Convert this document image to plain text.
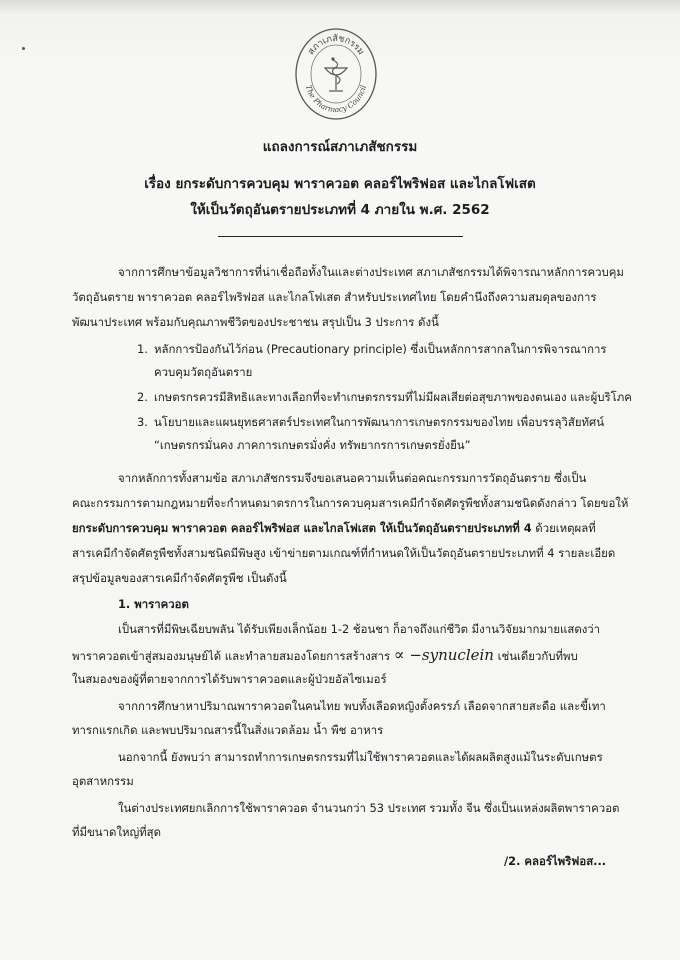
สภาเภสัชกรรม
The Pharmacy Council
แถลงการณ์สภาเภสัชกรรม
เรื่อง ยกระดับการควบคุม พาราควอต คลอร์ไพริฟอส และไกลโฟเสต
ให้เป็นวัตถุอันตรายประเภทที่ 4 ภายใน พ.ศ. 2562

จากการศึกษาข้อมูลวิชาการที่น่าเชื่อถือทั้งในและต่างประเทศ สภาเภสัชกรรมได้พิจารณาหลักการควบคุม

วัตถุอันตราย พาราควอต คลอร์ไพริฟอส และไกลโฟเสต สำหรับประเทศไทย โดยคำนึงถึงความสมดุลของการ

พัฒนาประเทศ พร้อมกับคุณภาพชีวิตของประชาชน สรุปเป็น 3 ประการ ดังนี้

1. หลักการป้องกันไว้ก่อน (Precautionary principle) ซึ่งเป็นหลักการสากลในการพิจารณาการ

ควบคุมวัตถุอันตราย

2. เกษตรกรควรมีสิทธิและทางเลือกที่จะทำเกษตรกรรมที่ไม่มีผลเสียต่อสุขภาพของตนเอง และผู้บริโภค

3. นโยบายและแผนยุทธศาสตร์ประเทศในการพัฒนาการเกษตรกรรมของไทย เพื่อบรรลุวิสัยทัศน์

“เกษตรกรมั่นคง ภาคการเกษตรมั่งคั่ง ทรัพยากรการเกษตรยั่งยืน”

จากหลักการทั้งสามข้อ สภาเภสัชกรรมจึงขอเสนอความเห็นต่อคณะกรรมการวัตถุอันตราย ซึ่งเป็น

คณะกรรมการตามกฎหมายที่จะกำหนดมาตรการในการควบคุมสารเคมีกำจัดศัตรูพืชทั้งสามชนิดดังกล่าว โดยขอให้

ยกระดับการควบคุม พาราควอต คลอร์ไพริฟอส และไกลโฟเสต ให้เป็นวัตถุอันตรายประเภทที่ 4 ด้วยเหตุผลที่

สารเคมีกำจัดศัตรูพืชทั้งสามชนิดมีพิษสูง เข้าข่ายตามเกณฑ์ที่กำหนดให้เป็นวัตถุอันตรายประเภทที่ 4 รายละเอียด

สรุปข้อมูลของสารเคมีกำจัดศัตรูพืช เป็นดังนี้

1. พาราควอต

เป็นสารที่มีพิษเฉียบพลัน ได้รับเพียงเล็กน้อย 1-2 ช้อนชา ก็อาจถึงแก่ชีวิต มีงานวิจัยมากมายแสดงว่า

พาราควอตเข้าสู่สมองมนุษย์ได้ และทำลายสมองโดยการสร้างสาร ∝ −synuclein เช่นเดียวกับที่พบ

ในสมองของผู้ที่ตายจากการได้รับพาราควอตและผู้ป่วยอัลไซเมอร์

จากการศึกษาหาปริมาณพาราควอตในคนไทย พบทั้งเลือดหญิงตั้งครรภ์ เลือดจากสายสะดือ และขี้เทา

ทารกแรกเกิด และพบปริมาณสารนี้ในสิ่งแวดล้อม น้ำ พืช อาหาร

นอกจากนี้ ยังพบว่า สามารถทำการเกษตรกรรมที่ไม่ใช้พาราควอตและได้ผลผลิตสูงแม้ในระดับเกษตร

อุตสาหกรรม

ในต่างประเทศยกเลิกการใช้พาราควอต จำนวนกว่า 53 ประเทศ รวมทั้ง จีน ซึ่งเป็นแหล่งผลิตพาราควอต

ที่มีขนาดใหญ่ที่สุด

/2. คลอร์ไพริฟอส...
